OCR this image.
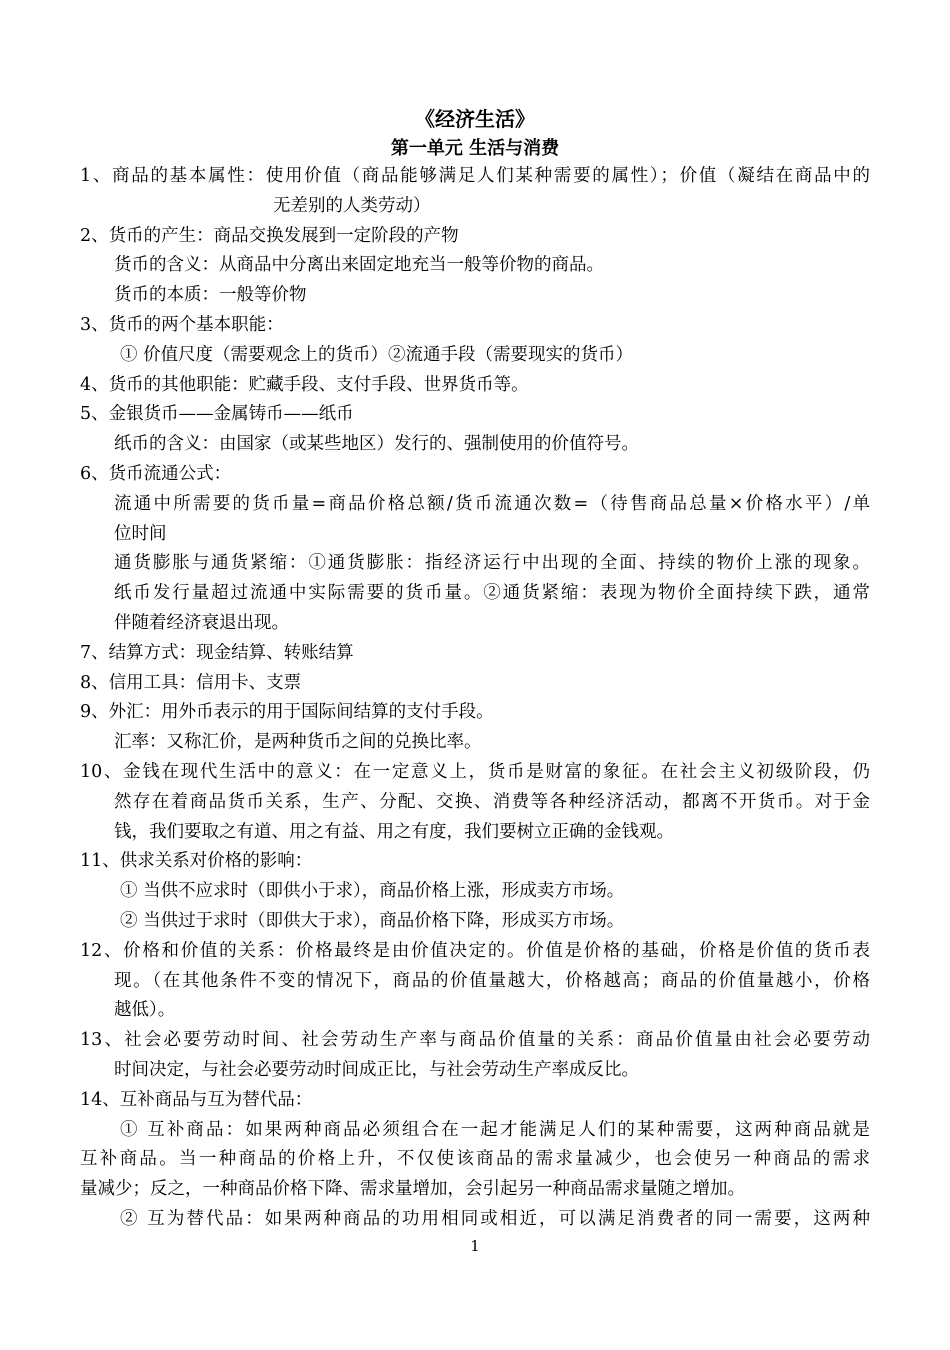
《经济生活》
第一单元 生活与消费
1、商品的基本属性：使用价值（商品能够满足人们某种需要的属性）；价值（凝结在商品中的
无差别的人类劳动）
2、货币的产生：商品交换发展到一定阶段的产物
货币的含义：从商品中分离出来固定地充当一般等价物的商品。
货币的本质：一般等价物
3、货币的两个基本职能：
① 价值尺度（需要观念上的货币）②流通手段（需要现实的货币）
4、货币的其他职能：贮藏手段、支付手段、世界货币等。
5、金银货币——金属铸币——纸币
纸币的含义：由国家（或某些地区）发行的、强制使用的价值符号。
6、货币流通公式：
流通中所需要的货币量=商品价格总额/货币流通次数=（待售商品总量×价格水平）/单
位时间
通货膨胀与通货紧缩：①通货膨胀：指经济运行中出现的全面、持续的物价上涨的现象。
纸币发行量超过流通中实际需要的货币量。②通货紧缩：表现为物价全面持续下跌，通常
伴随着经济衰退出现。
7、结算方式：现金结算、转账结算
8、信用工具：信用卡、支票
9、外汇：用外币表示的用于国际间结算的支付手段。
汇率：又称汇价，是两种货币之间的兑换比率。
10、金钱在现代生活中的意义：在一定意义上，货币是财富的象征。在社会主义初级阶段，仍
然存在着商品货币关系，生产、分配、交换、消费等各种经济活动，都离不开货币。对于金
钱，我们要取之有道、用之有益、用之有度，我们要树立正确的金钱观。
11、供求关系对价格的影响：
① 当供不应求时（即供小于求），商品价格上涨，形成卖方市场。
② 当供过于求时（即供大于求），商品价格下降，形成买方市场。
12、价格和价值的关系：价格最终是由价值决定的。价值是价格的基础，价格是价值的货币表
现。（在其他条件不变的情况下，商品的价值量越大，价格越高；商品的价值量越小，价格
越低）。
13、社会必要劳动时间、社会劳动生产率与商品价值量的关系：商品价值量由社会必要劳动
时间决定，与社会必要劳动时间成正比，与社会劳动生产率成反比。
14、互补商品与互为替代品：
① 互补商品：如果两种商品必须组合在一起才能满足人们的某种需要，这两种商品就是
互补商品。当一种商品的价格上升，不仅使该商品的需求量减少，也会使另一种商品的需求
量减少；反之，一种商品价格下降、需求量增加，会引起另一种商品需求量随之增加。
② 互为替代品：如果两种商品的功用相同或相近，可以满足消费者的同一需要，这两种
1
